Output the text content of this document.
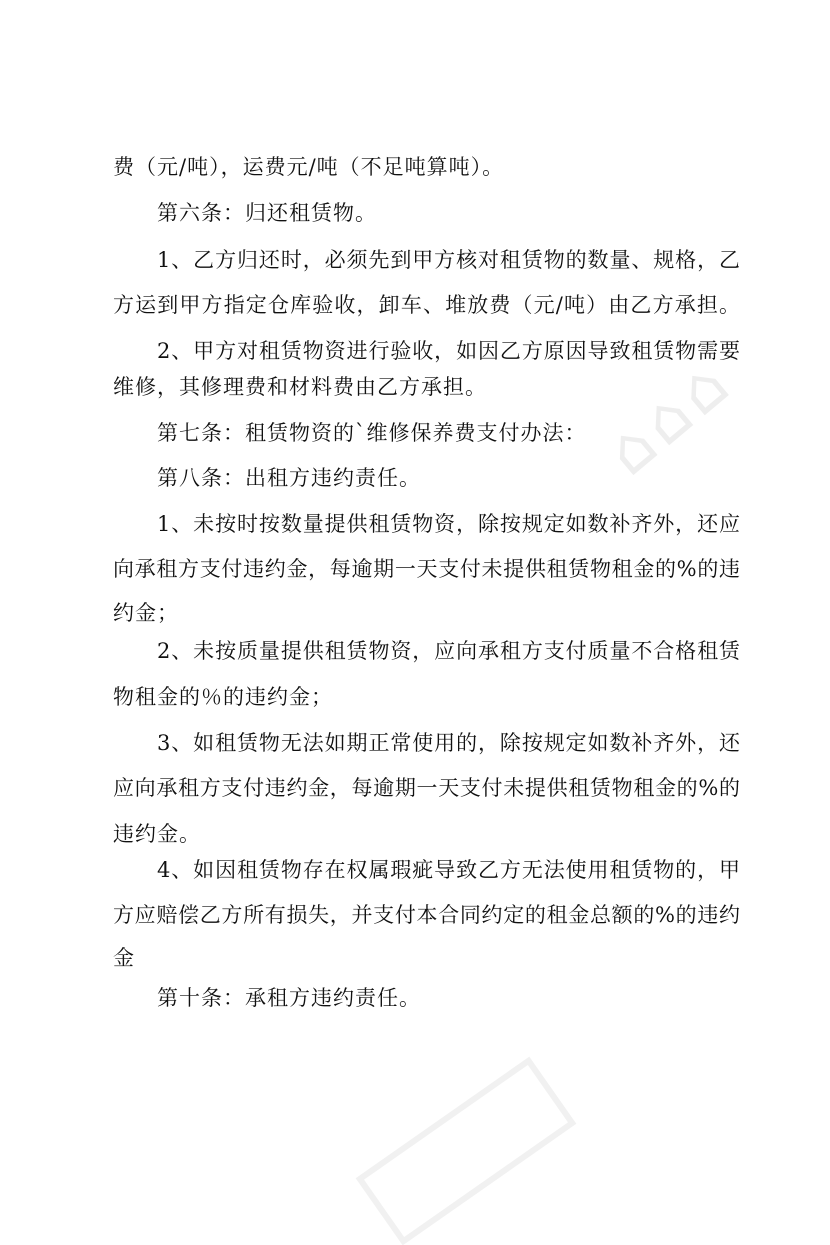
⌂⌂⌂
费（元/吨），运费元/吨（不足吨算吨）。
第六条：归还租赁物。
1、乙方归还时，必须先到甲方核对租赁物的数量、规格，乙
方运到甲方指定仓库验收，卸车、堆放费（元/吨）由乙方承担。
2、甲方对租赁物资进行验收，如因乙方原因导致租赁物需要
维修，其修理费和材料费由乙方承担。
第七条：租赁物资的`维修保养费支付办法：
第八条：出租方违约责任。
1、未按时按数量提供租赁物资，除按规定如数补齐外，还应
向承租方支付违约金，每逾期一天支付未提供租赁物租金的%的违
约金；
2、未按质量提供租赁物资，应向承租方支付质量不合格租赁
物租金的％的违约金；
3、如租赁物无法如期正常使用的，除按规定如数补齐外，还
应向承租方支付违约金，每逾期一天支付未提供租赁物租金的%的
违约金。
4、如因租赁物存在权属瑕疵导致乙方无法使用租赁物的，甲
方应赔偿乙方所有损失，并支付本合同约定的租金总额的%的违约
金
第十条：承租方违约责任。
